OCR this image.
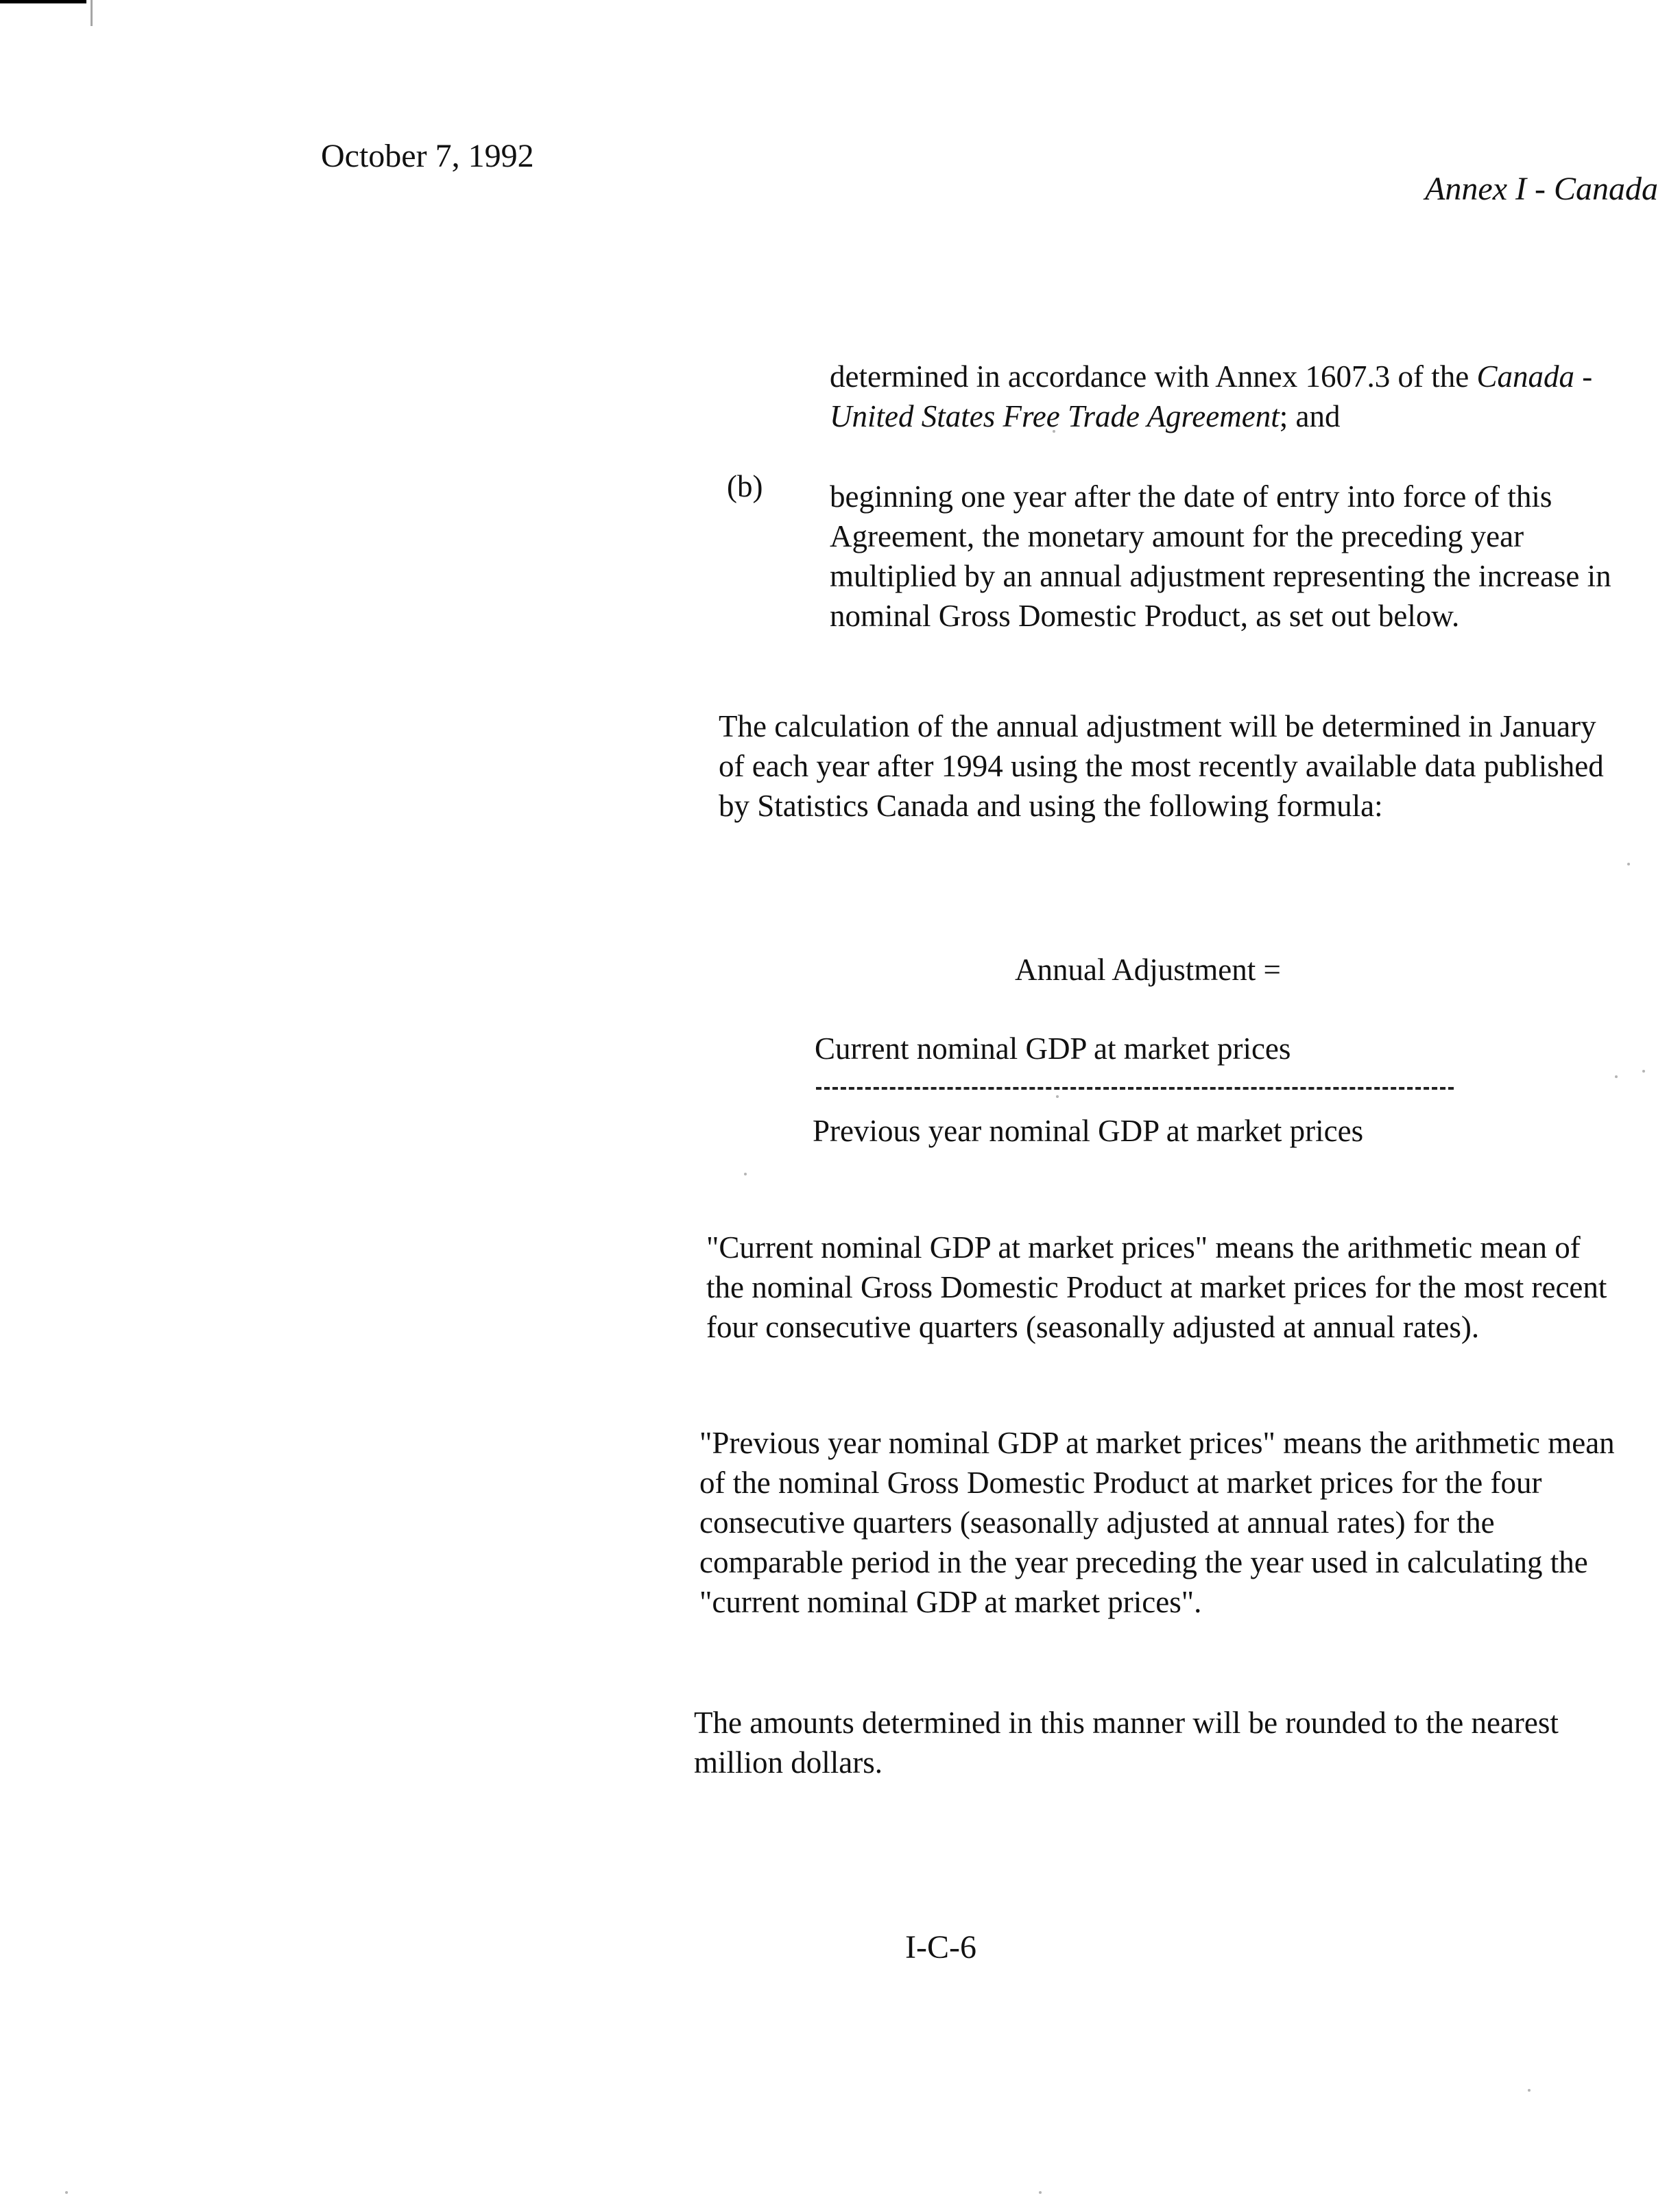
October 7, 1992
Annex I - Canada
determined in accordance with Annex 1607.3 of the Canada - United States Free Trade Agreement; and
(b) beginning one year after the date of entry into force of this Agreement, the monetary amount for the preceding year multiplied by an annual adjustment representing the increase in nominal Gross Domestic Product, as set out below.
The calculation of the annual adjustment will be determined in January of each year after 1994 using the most recently available data published by Statistics Canada and using the following formula:
Annual Adjustment =
Current nominal GDP at market prices
Previous year nominal GDP at market prices
"Current nominal GDP at market prices" means the arithmetic mean of the nominal Gross Domestic Product at market prices for the most recent four consecutive quarters (seasonally adjusted at annual rates).
"Previous year nominal GDP at market prices" means the arithmetic mean of the nominal Gross Domestic Product at market prices for the four consecutive quarters (seasonally adjusted at annual rates) for the comparable period in the year preceding the year used in calculating the "current nominal GDP at market prices".
The amounts determined in this manner will be rounded to the nearest million dollars.
I-C-6
